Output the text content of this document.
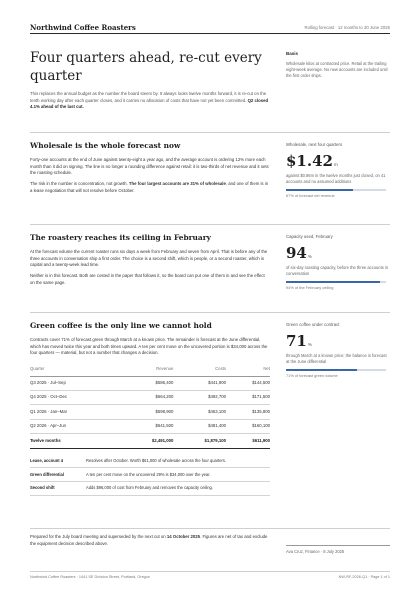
Northwind Coffee Roasters	Rolling forecast · 12 months to 30 June 2026
Four quarters ahead, re-cut every quarter

This replaces the annual budget as the number the board steers by. It always looks twelve months forward, it is re-cut on the tenth working day after each quarter closes, and it carries no allocation of costs that have not yet been committed. Q2 closed 4.1% ahead of the last cut.

Basis
Wholesale kilos at contracted price. Retail at the trailing eight-week average. No new accounts are included until the first order ships.
Wholesale is the whole forecast now

Forty-one accounts at the end of June against twenty-eight a year ago, and the average account is ordering 12% more each month than it did on signing. The line is no longer a rounding difference against retail: it is two-thirds of net revenue and it sets the roasting schedule.

The risk in the number is concentration, not growth. The four largest accounts are 31% of wholesale, and one of them is in a lease negotiation that will not resolve before October.

Wholesale, next four quarters
$1.42m
against $0.96m in the twelve months just closed, on 41 accounts and no assumed additions
67% of forecast net revenue
The roastery reaches its ceiling in February

At the forecast volume the current roaster runs six days a week from February and seven from April. That is before any of the three accounts in conversation ship a first order. The choice is a second shift, which is people, or a second roaster, which is capital and a twenty-week lead time.

Neither is in this forecast. Both are costed in the paper that follows it, so the board can put one of them in and see the effect on the same page.

Capacity used, February
94%
of six-day roasting capacity, before the three accounts in conversation
94% of the February ceiling
Green coffee is the only line we cannot hold

Contracts cover 71% of forecast green through March at a known price. The remainder is forecast at the June differential, which has moved twice this year and both times upward. A ten per cent move on the uncovered portion is $34,000 across the four quarters — material, but not a number that changes a decision.

Quarter	Revenue	Costs	Net
Q3 2025 · Jul–Sep	$586,400	$441,900	$144,500
Q4 2025 · Oct–Dec	$664,200	$492,700	$171,500
Q1 2026 · Jan–Mar	$598,900	$463,100	$135,800
Q2 2026 · Apr–Jun	$641,500	$481,400	$160,100
Twelve months	$2,491,000	$1,879,100	$611,900
Lease, account 4	Resolves after October. Worth $61,000 of wholesale across the four quarters.
Green differential	A ten per cent move on the uncovered 29% is $34,000 over the year.
Second shift	Adds $96,000 of cost from February and removes the capacity ceiling.
Green coffee under contract
71%
through March at a known price; the balance is forecast at the June differential
71% of forecast green volume

Prepared for the July board meeting and superseded by the next cut on 14 October 2025. Figures are net of tax and exclude the equipment decision described above.

Ava Cruz, Finance · 8 July 2025
Northwind Coffee Roasters · 1441 SE Division Street, Portland, Oregon	NW-RF-2026-Q1 · Page 1 of 1
